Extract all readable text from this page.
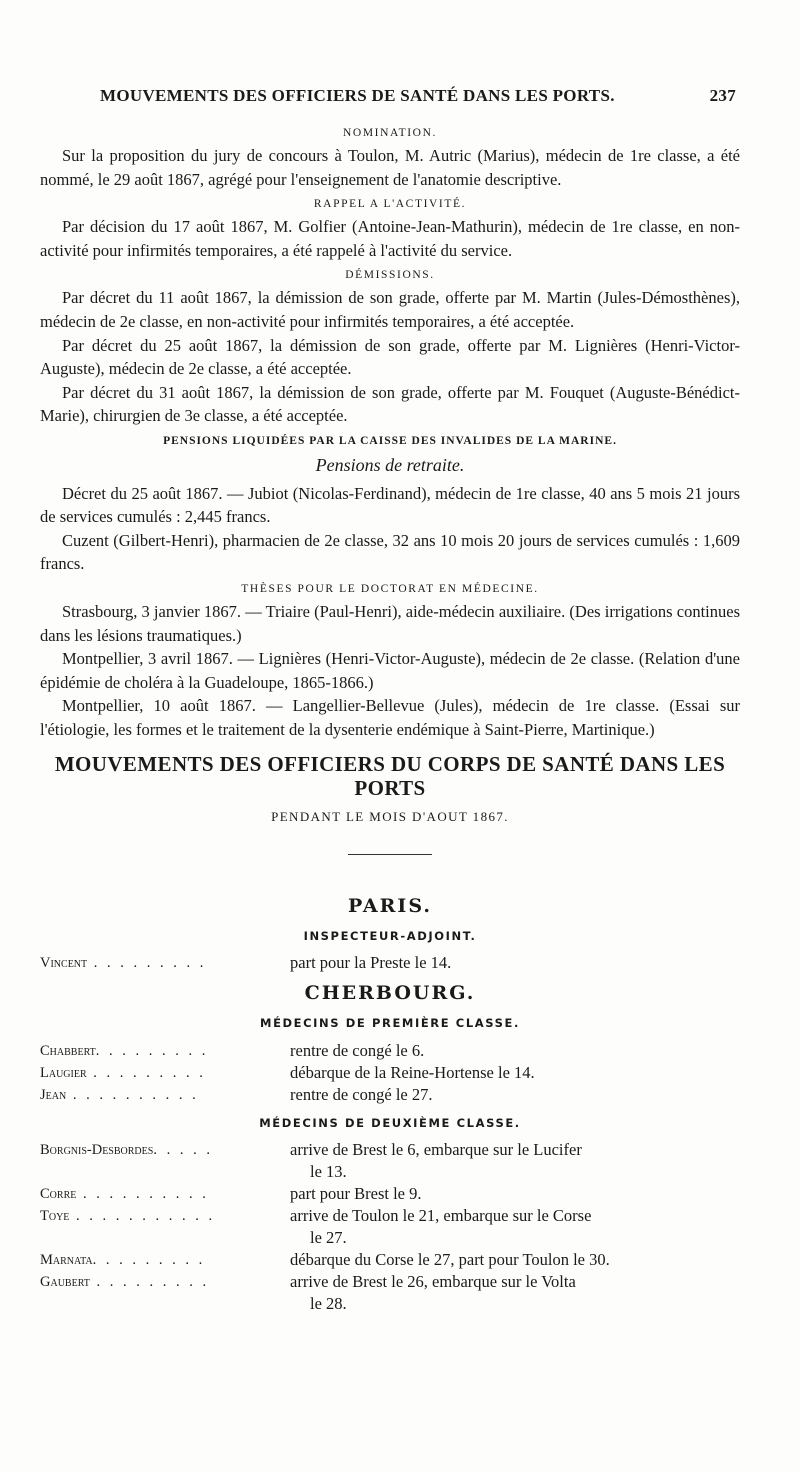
MOUVEMENTS DES OFFICIERS DE SANTÉ DANS LES PORTS.	237
NOMINATION.

Sur la proposition du jury de concours à Toulon, M. Autric (Marius), médecin de 1re classe, a été nommé, le 29 août 1867, agrégé pour l'enseignement de l'anatomie descriptive.

RAPPEL A L'ACTIVITÉ.

Par décision du 17 août 1867, M. Golfier (Antoine-Jean-Mathurin), médecin de 1re classe, en non-activité pour infirmités temporaires, a été rappelé à l'activité du service.

DÉMISSIONS.

Par décret du 11 août 1867, la démission de son grade, offerte par M. Martin (Jules-Démosthènes), médecin de 2e classe, en non-activité pour infirmités temporaires, a été acceptée.

Par décret du 25 août 1867, la démission de son grade, offerte par M. Lignières (Henri-Victor-Auguste), médecin de 2e classe, a été acceptée.

Par décret du 31 août 1867, la démission de son grade, offerte par M. Fouquet (Auguste-Bénédict-Marie), chirurgien de 3e classe, a été acceptée.

PENSIONS LIQUIDÉES PAR LA CAISSE DES INVALIDES DE LA MARINE.
Pensions de retraite.

Décret du 25 août 1867. — Jubiot (Nicolas-Ferdinand), médecin de 1re classe, 40 ans 5 mois 21 jours de services cumulés : 2,445 francs.

Cuzent (Gilbert-Henri), pharmacien de 2e classe, 32 ans 10 mois 20 jours de services cumulés : 1,609 francs.

THÈSES POUR LE DOCTORAT EN MÉDECINE.

Strasbourg, 3 janvier 1867. — Triaire (Paul-Henri), aide-médecin auxiliaire. (Des irrigations continues dans les lésions traumatiques.)

Montpellier, 3 avril 1867. — Lignières (Henri-Victor-Auguste), médecin de 2e classe. (Relation d'une épidémie de choléra à la Guadeloupe, 1865-1866.)

Montpellier, 10 août 1867. — Langellier-Bellevue (Jules), médecin de 1re classe. (Essai sur l'étiologie, les formes et le traitement de la dysenterie endémique à Saint-Pierre, Martinique.)

MOUVEMENTS DES OFFICIERS DU CORPS DE SANTÉ DANS LES PORTS
PENDANT LE MOIS D'AOUT 1867.
PARIS.
INSPECTEUR-ADJOINT.
Vincent . . . . . . . . .	part pour la Preste le 14.
CHERBOURG.
MÉDECINS DE PREMIÈRE CLASSE.
Chabbert. . . . . . . . .	rentre de congé le 6.
Laugier . . . . . . . . .	débarque de la Reine-Hortense le 14.
Jean . . . . . . . . . .	rentre de congé le 27.
MÉDECINS DE DEUXIÈME CLASSE.
Borgnis-Desbordes. . . . .	arrive de Brest le 6, embarque sur le Lucifer
le 13.
Corre . . . . . . . . . .	part pour Brest le 9.
Toye . . . . . . . . . . .	arrive de Toulon le 21, embarque sur le Corse
le 27.
Marnata. . . . . . . . .	débarque du Corse le 27, part pour Toulon le 30.
Gaubert . . . . . . . . .	arrive de Brest le 26, embarque sur le Volta
le 28.
